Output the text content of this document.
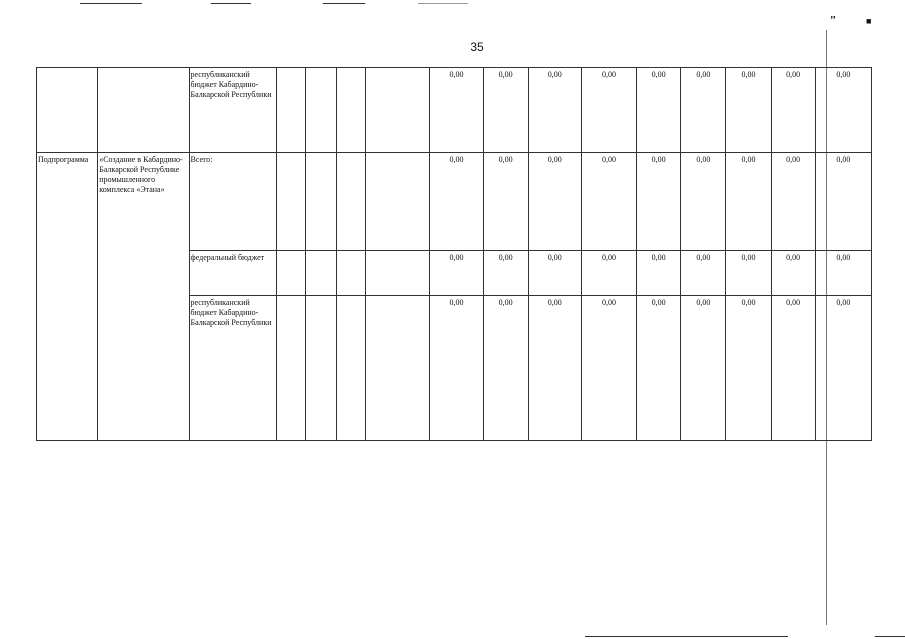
’’	■
35
		республиканский бюджет Кабардино-Балкарской Республики					0,00	0,00	0,00	0,00	0,00	0,00	0,00	0,00	0,00
Подпрограмма	«Создание в Кабардино-Балкарской Республике промышленного комплекса «Этана»	Всего:					0,00	0,00	0,00	0,00	0,00	0,00	0,00	0,00	0,00
		федеральный бюджет					0,00	0,00	0,00	0,00	0,00	0,00	0,00	0,00	0,00
		республиканский бюджет Кабардино-Балкарской Республики					0,00	0,00	0,00	0,00	0,00	0,00	0,00	0,00	0,00
